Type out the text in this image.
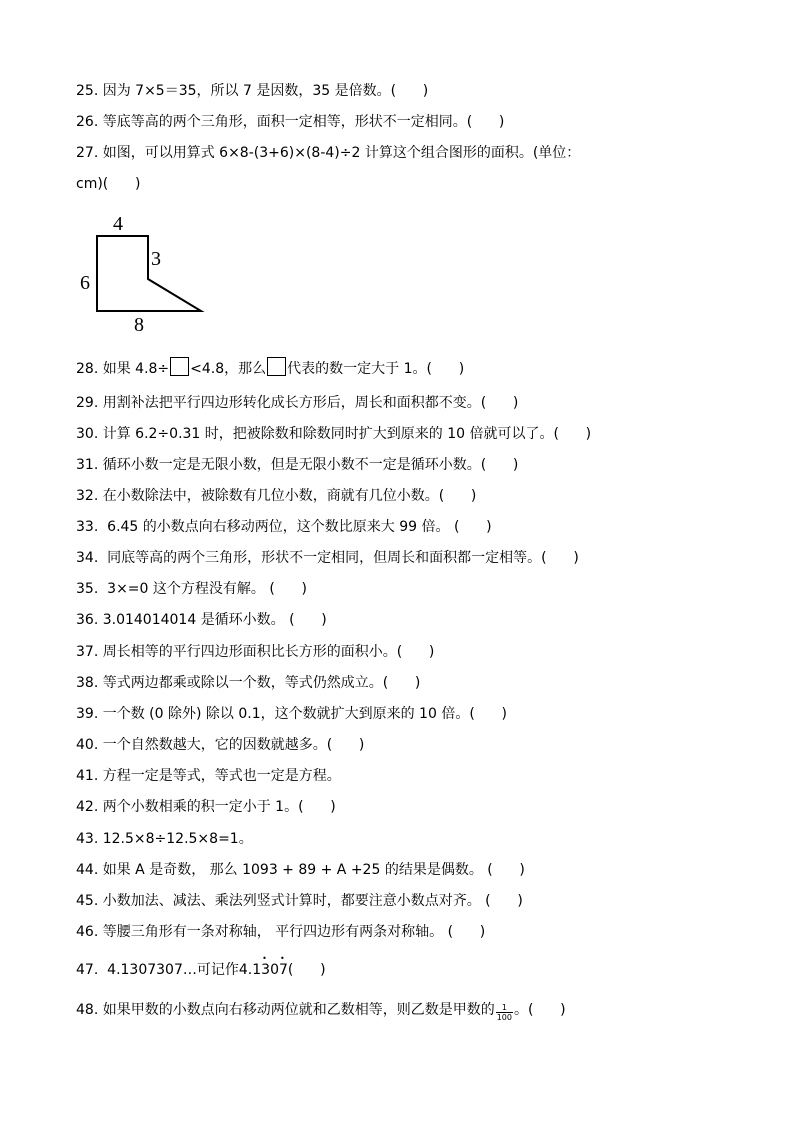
25. 因为 7×5＝35，所以 7 是因数，35 是倍数。(      )
26. 等底等高的两个三角形，面积一定相等，形状不一定相同。(      )
27. 如图，可以用算式 6×8-(3+6)×(8-4)÷2 计算这个组合图形的面积。(单位：
cm)(      )
4
3
6
8
28. 如果 4.8÷ <4.8，那么 代表的数一定大于 1。(      )
29. 用割补法把平行四边形转化成长方形后，周长和面积都不变。(      )
30. 计算 6.2÷0.31 时，把被除数和除数同时扩大到原来的 10 倍就可以了。(      )
31. 循环小数一定是无限小数，但是无限小数不一定是循环小数。(      )
32. 在小数除法中，被除数有几位小数，商就有几位小数。(      )
33.  6.45 的小数点向右移动两位，这个数比原来大 99 倍。 (      )
34.  同底等高的两个三角形，形状不一定相同，但周长和面积都一定相等。(      )
35.  3×=0 这个方程没有解。 (      )
36. 3.014014014 是循环小数。 (      )
37. 周长相等的平行四边形面积比长方形的面积小。(      )
38. 等式两边都乘或除以一个数，等式仍然成立。(      )
39. 一个数 (0 除外) 除以 0.1，这个数就扩大到原来的 10 倍。(      )
40. 一个自然数越大，它的因数就越多。(      )
41. 方程一定是等式，等式也一定是方程。
42. 两个小数相乘的积一定小于 1。(      )
43. 12.5×8÷12.5×8=1。
44. 如果 A 是奇数， 那么 1093 + 89 + A +25 的结果是偶数。 (      )
45. 小数加法、减法、乘法列竖式计算时，都要注意小数点对齐。 (      )
46. 等腰三角形有一条对称轴， 平行四边形有两条对称轴。 (      )
47.  4.1307307…可记作4.1• 30• 7(      )
48. 如果甲数的小数点向右移动两位就和乙数相等，则乙数是甲数的 $\frac{1}{100}$ 。(      )
